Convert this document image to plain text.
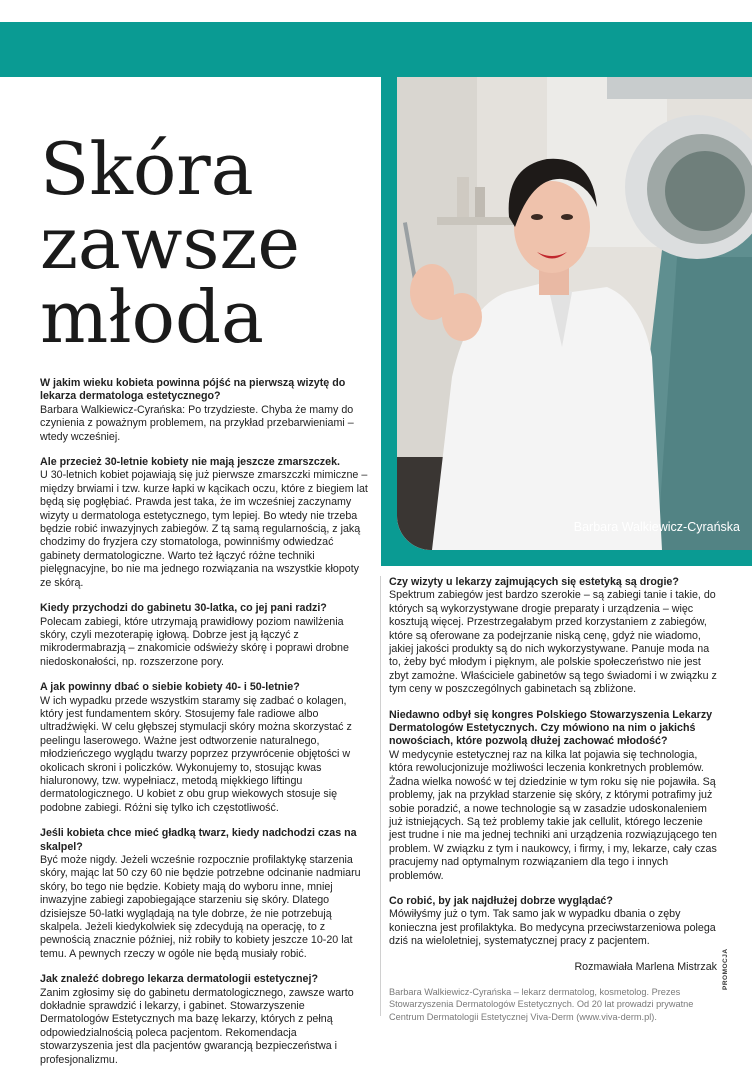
Skóra
zawsze
młoda
Barbara Walkiewicz-Cyrańska

W jakim wieku kobieta powinna pójść na pierwszą wizytę do lekarza dermatologa estetycznego?

Barbara Walkiewicz-Cyrańska: Po trzydzieste. Chyba że mamy do czynienia z poważnym problemem, na przykład przebarwieniami – wtedy wcześniej.

Ale przecież 30-letnie kobiety nie mają jeszcze zmarszczek.

U 30-letnich kobiet pojawiają się już pierwsze zmarszczki mimiczne – między brwiami i tzw. kurze łapki w kącikach oczu, które z biegiem lat będą się pogłębiać. Prawda jest taka, że im wcześniej zaczynamy wizyty u dermatologa estetycznego, tym lepiej. Bo wtedy nie trzeba będzie robić inwazyjnych zabiegów. Z tą samą regularnością, z jaką chodzimy do fryzjera czy stomatologa, powinniśmy odwiedzać gabinety dermatologiczne. Warto też łączyć różne techniki pielęgnacyjne, bo nie ma jednego rozwiązania na wszystkie kłopoty ze skórą.

Kiedy przychodzi do gabinetu 30-latka, co jej pani radzi?

Polecam zabiegi, które utrzymają prawidłowy poziom nawilżenia skóry, czyli mezoterapię igłową. Dobrze jest ją łączyć z mikrodermabrazją – znakomicie odświeży skórę i poprawi drobne niedoskonałości, np. rozszerzone pory.

A jak powinny dbać o siebie kobiety 40- i 50-letnie?

W ich wypadku przede wszystkim staramy się zadbać o kolagen, który jest fundamentem skóry. Stosujemy fale radiowe albo ultradźwięki. W celu głębszej stymulacji skóry można skorzystać z peelingu laserowego. Ważne jest odtworzenie naturalnego, młodzieńczego wyglądu twarzy poprzez przywrócenie objętości w okolicach skroni i policzków. Wykonujemy to, stosując kwas hialuronowy, tzw. wypełniacz, metodą miękkiego liftingu dermatologicznego. U kobiet z obu grup wiekowych stosuje się podobne zabiegi. Różni się tylko ich częstotliwość.

Jeśli kobieta chce mieć gładką twarz, kiedy nadchodzi czas na skalpel?

Być może nigdy. Jeżeli wcześnie rozpocznie profilaktykę starzenia skóry, mając lat 50 czy 60 nie będzie potrzebne odcinanie nadmiaru skóry, bo tego nie będzie. Kobiety mają do wyboru inne, mniej inwazyjne zabiegi zapobiegające starzeniu się skóry. Dlatego dzisiejsze 50-latki wyglądają na tyle dobrze, że nie potrzebują skalpela. Jeżeli kiedykolwiek się zdecydują na operację, to z pewnością znacznie później, niż robiły to kobiety jeszcze 10-20 lat temu. A pewnych rzeczy w ogóle nie będą musiały robić.

Jak znaleźć dobrego lekarza dermatologii estetycznej?

Zanim zgłosimy się do gabinetu dermatologicznego, zawsze warto dokładnie sprawdzić i lekarzy, i gabinet. Stowarzyszenie Dermatologów Estetycznych ma bazę lekarzy, których z pełną odpowiedzialnością poleca pacjentom. Rekomendacja stowarzyszenia jest dla pacjentów gwarancją bezpieczeństwa i profesjonalizmu.

Czy wizyty u lekarzy zajmujących się estetyką są drogie?

Spektrum zabiegów jest bardzo szerokie – są zabiegi tanie i takie, do których są wykorzystywane drogie preparaty i urządzenia – więc kosztują więcej. Przestrzegałabym przed korzystaniem z zabiegów, które są oferowane za podejrzanie niską cenę, gdyż nie wiadomo, jakiej jakości produkty są do nich wykorzystywane. Panuje moda na to, żeby być młodym i pięknym, ale polskie społeczeństwo nie jest zbyt zamożne. Właściciele gabinetów są tego świadomi i w związku z tym ceny w poszczególnych gabinetach są zbliżone.

Niedawno odbył się kongres Polskiego Stowarzyszenia Lekarzy Dermatologów Estetycznych. Czy mówiono na nim o jakichś nowościach, które pozwolą dłużej zachować młodość?

W medycynie estetycznej raz na kilka lat pojawia się technologia, która rewolucjonizuje możliwości leczenia konkretnych problemów. Żadna wielka nowość w tej dziedzinie w tym roku się nie pojawiła. Są problemy, jak na przykład starzenie się skóry, z którymi potrafimy już sobie poradzić, a nowe technologie są w zasadzie udoskonaleniem już istniejących. Są też problemy takie jak cellulit, którego leczenie jest trudne i nie ma jednej techniki ani urządzenia rozwiązującego ten problem. W związku z tym i naukowcy, i firmy, i my, lekarze, cały czas pracujemy nad optymalnym rozwiązaniem dla tego i innych problemów.

Co robić, by jak najdłużej dobrze wyglądać?

Mówiłyśmy już o tym. Tak samo jak w wypadku dbania o zęby konieczna jest profilaktyka. Bo medycyna przeciwstarzeniowa polega dziś na wieloletniej, systematycznej pracy z pacjentem.

Rozmawiała Marlena Mistrzak

Barbara Walkiewicz-Cyrańska – lekarz dermatolog, kosmetolog. Prezes Stowarzyszenia Dermatologów Estetycznych. Od 20 lat prowadzi prywatne Centrum Dermatologii Estetycznej Viva-Derm (www.viva-derm.pl).
PROMOCJA
